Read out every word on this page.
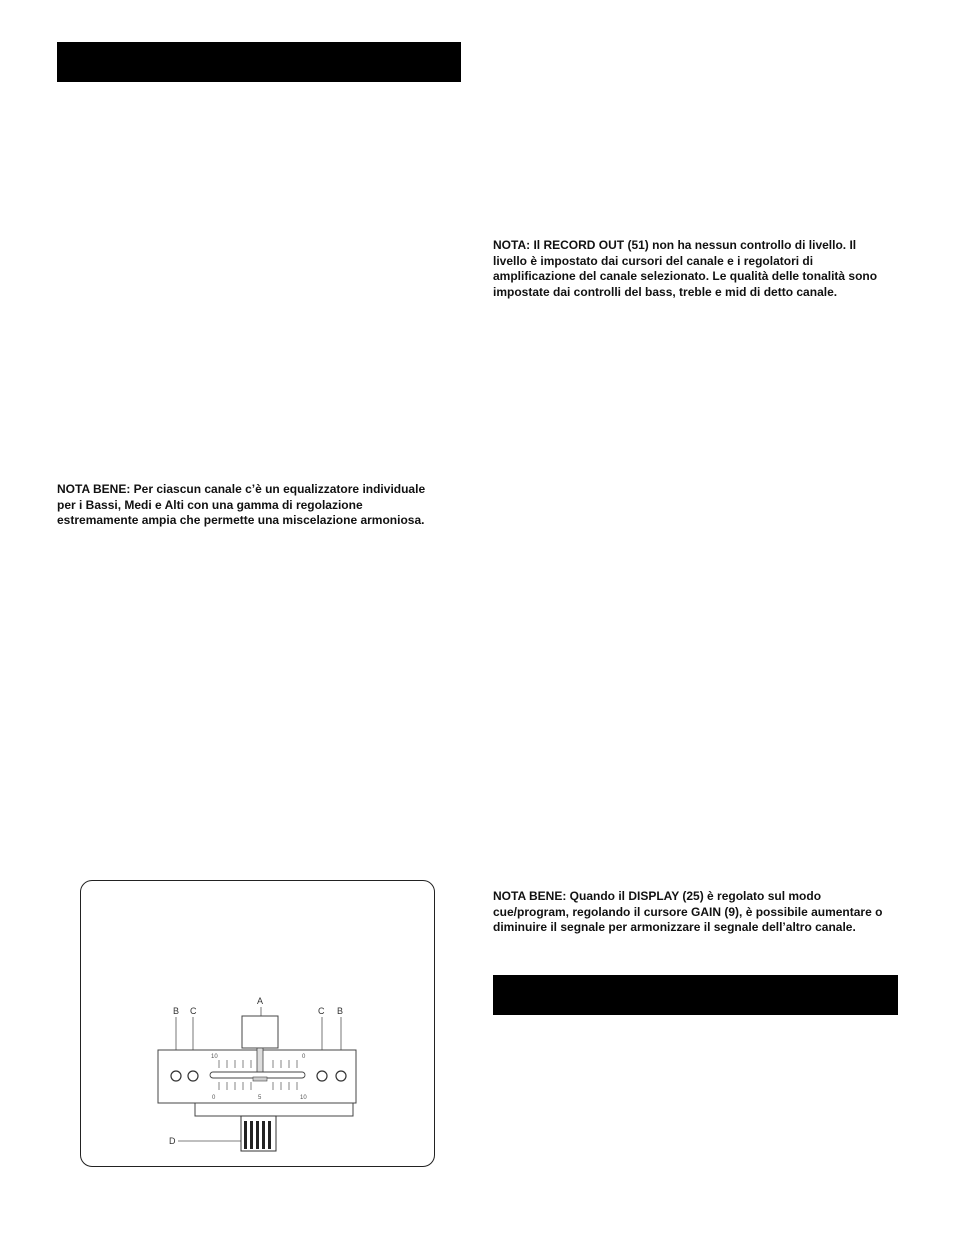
NOTA: Il RECORD OUT (51) non ha nessun controllo di livello. Il livello è impostato dai cursori del canale e i regolatori di amplificazione del canale selezionato. Le qualità delle tonalità sono impostate dai controlli del bass, treble e mid di detto canale.

NOTA BENE: Per ciascun canale c’è un equalizzatore individuale per i Bassi, Medi e Alti con una gamma di regolazione estremamente ampia che permette una miscelazione armoniosa.

B C
A
C B
D
10	0
0	5	10

NOTA BENE: Quando il DISPLAY (25) è regolato sul modo cue/program, regolando il cursore GAIN (9), è possibile aumentare o diminuire il segnale per armonizzare il segnale dell’altro canale.
